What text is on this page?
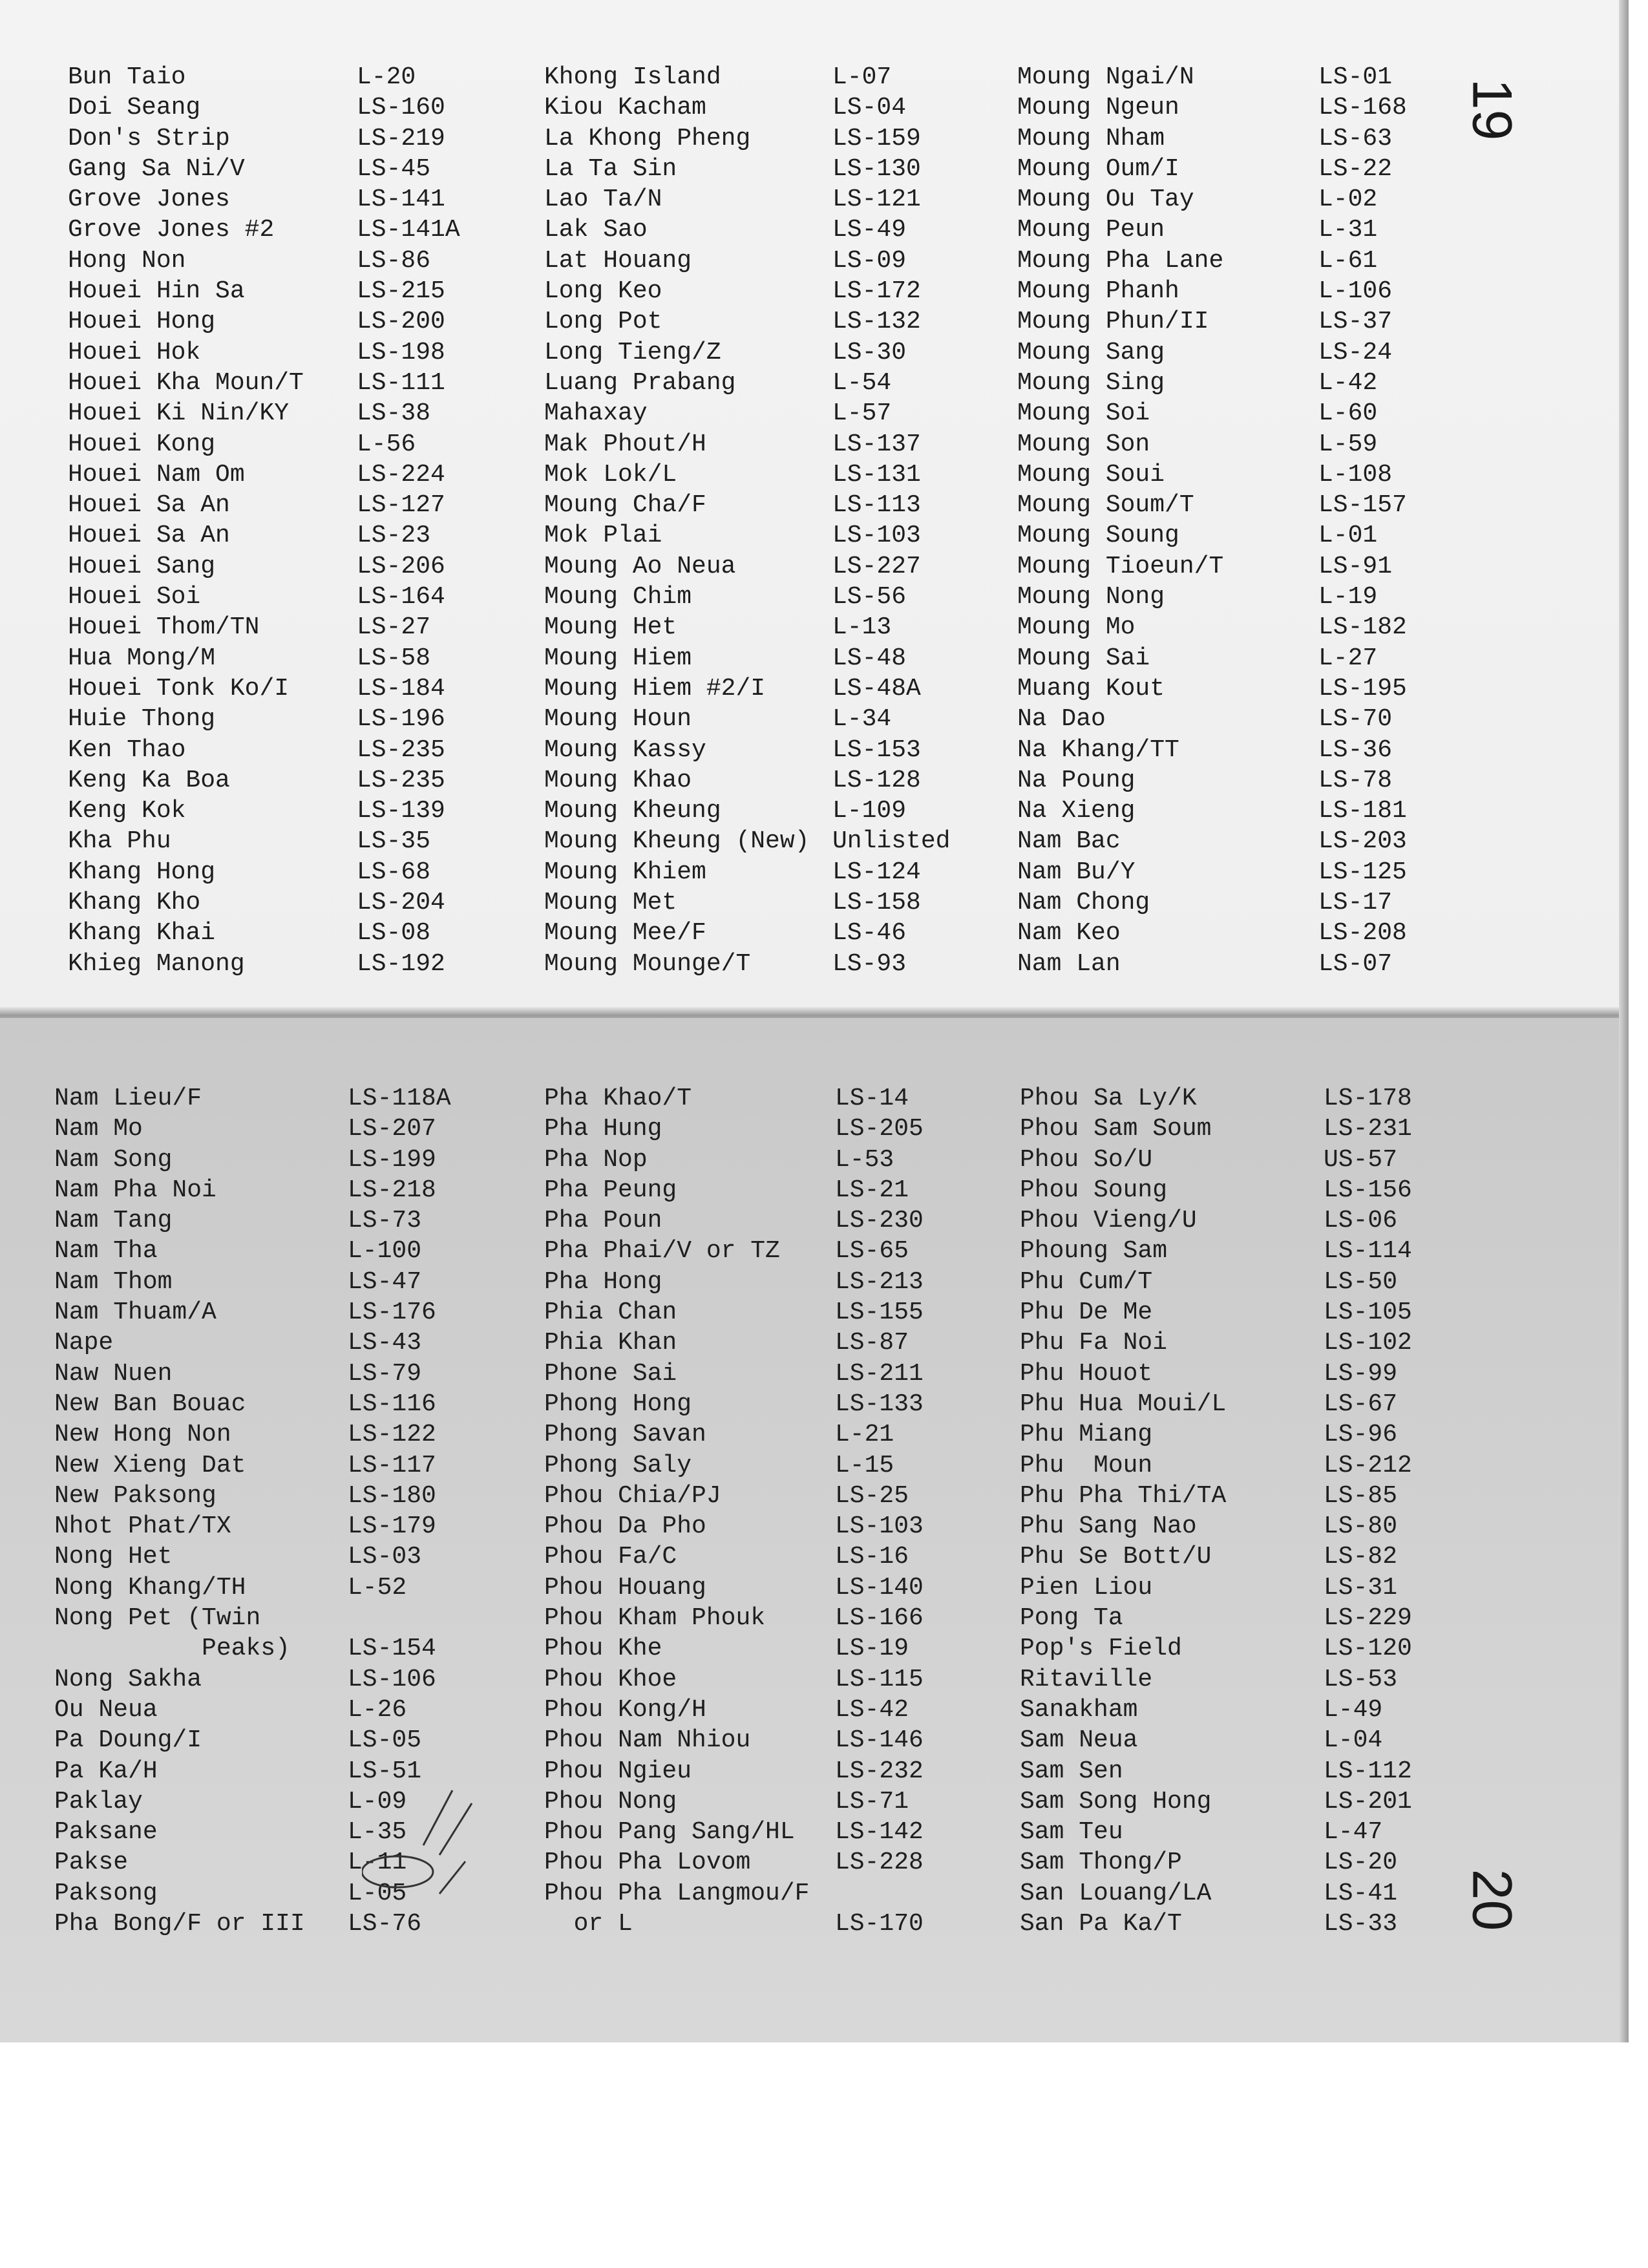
19
20
Bun Taio
Doi Seang
Don's Strip
Gang Sa Ni/V
Grove Jones
Grove Jones #2
Hong Non
Houei Hin Sa
Houei Hong
Houei Hok
Houei Kha Moun/T
Houei Ki Nin/KY
Houei Kong
Houei Nam Om
Houei Sa An
Houei Sa An
Houei Sang
Houei Soi
Houei Thom/TN
Hua Mong/M
Houei Tonk Ko/I
Huie Thong
Ken Thao
Keng Ka Boa
Keng Kok
Kha Phu
Khang Hong
Khang Kho
Khang Khai
Khieg Manong
L-20
LS-160
LS-219
LS-45
LS-141
LS-141A
LS-86
LS-215
LS-200
LS-198
LS-111
LS-38
L-56
LS-224
LS-127
LS-23
LS-206
LS-164
LS-27
LS-58
LS-184
LS-196
LS-235
LS-235
LS-139
LS-35
LS-68
LS-204
LS-08
LS-192
Khong Island
Kiou Kacham
La Khong Pheng
La Ta Sin
Lao Ta/N
Lak Sao
Lat Houang
Long Keo
Long Pot
Long Tieng/Z
Luang Prabang
Mahaxay
Mak Phout/H
Mok Lok/L
Moung Cha/F
Mok Plai
Moung Ao Neua
Moung Chim
Moung Het
Moung Hiem
Moung Hiem #2/I
Moung Houn
Moung Kassy
Moung Khao
Moung Kheung
Moung Kheung (New)
Moung Khiem
Moung Met
Moung Mee/F
Moung Mounge/T
L-07
LS-04
LS-159
LS-130
LS-121
LS-49
LS-09
LS-172
LS-132
LS-30
L-54
L-57
LS-137
LS-131
LS-113
LS-103
LS-227
LS-56
L-13
LS-48
LS-48A
L-34
LS-153
LS-128
L-109
Unlisted
LS-124
LS-158
LS-46
LS-93
Moung Ngai/N
Moung Ngeun
Moung Nham
Moung Oum/I
Moung Ou Tay
Moung Peun
Moung Pha Lane
Moung Phanh
Moung Phun/II
Moung Sang
Moung Sing
Moung Soi
Moung Son
Moung Soui
Moung Soum/T
Moung Soung
Moung Tioeun/T
Moung Nong
Moung Mo
Moung Sai
Muang Kout
Na Dao
Na Khang/TT
Na Poung
Na Xieng
Nam Bac
Nam Bu/Y
Nam Chong
Nam Keo
Nam Lan
LS-01
LS-168
LS-63
LS-22
L-02
L-31
L-61
L-106
LS-37
LS-24
L-42
L-60
L-59
L-108
LS-157
L-01
LS-91
L-19
LS-182
L-27
LS-195
LS-70
LS-36
LS-78
LS-181
LS-203
LS-125
LS-17
LS-208
LS-07
Nam Lieu/F
Nam Mo
Nam Song
Nam Pha Noi
Nam Tang
Nam Tha
Nam Thom
Nam Thuam/A
Nape
Naw Nuen
New Ban Bouac
New Hong Non
New Xieng Dat
New Paksong
Nhot Phat/TX
Nong Het
Nong Khang/TH
Nong Pet (Twin
Peaks)
Nong Sakha
Ou Neua
Pa Doung/I
Pa Ka/H
Paklay
Paksane
Pakse
Paksong
Pha Bong/F or III
LS-118A
LS-207
LS-199
LS-218
LS-73
L-100
LS-47
LS-176
LS-43
LS-79
LS-116
LS-122
LS-117
LS-180
LS-179
LS-03
L-52
LS-154
LS-106
L-26
LS-05
LS-51
L-09
L-35
L-11
L-05
LS-76
Pha Khao/T
Pha Hung
Pha Nop
Pha Peung
Pha Poun
Pha Phai/V or TZ
Pha Hong
Phia Chan
Phia Khan
Phone Sai
Phong Hong
Phong Savan
Phong Saly
Phou Chia/PJ
Phou Da Pho
Phou Fa/C
Phou Houang
Phou Kham Phouk
Phou Khe
Phou Khoe
Phou Kong/H
Phou Nam Nhiou
Phou Ngieu
Phou Nong
Phou Pang Sang/HL
Phou Pha Lovom
Phou Pha Langmou/F
or L
LS-14
LS-205
L-53
LS-21
LS-230
LS-65
LS-213
LS-155
LS-87
LS-211
LS-133
L-21
L-15
LS-25
LS-103
LS-16
LS-140
LS-166
LS-19
LS-115
LS-42
LS-146
LS-232
LS-71
LS-142
LS-228
LS-170
Phou Sa Ly/K
Phou Sam Soum
Phou So/U
Phou Soung
Phou Vieng/U
Phoung Sam
Phu Cum/T
Phu De Me
Phu Fa Noi
Phu Houot
Phu Hua Moui/L
Phu Miang
Phu  Moun
Phu Pha Thi/TA
Phu Sang Nao
Phu Se Bott/U
Pien Liou
Pong Ta
Pop's Field
Ritaville
Sanakham
Sam Neua
Sam Sen
Sam Song Hong
Sam Teu
Sam Thong/P
San Louang/LA
San Pa Ka/T
LS-178
LS-231
US-57
LS-156
LS-06
LS-114
LS-50
LS-105
LS-102
LS-99
LS-67
LS-96
LS-212
LS-85
LS-80
LS-82
LS-31
LS-229
LS-120
LS-53
L-49
L-04
LS-112
LS-201
L-47
LS-20
LS-41
LS-33
